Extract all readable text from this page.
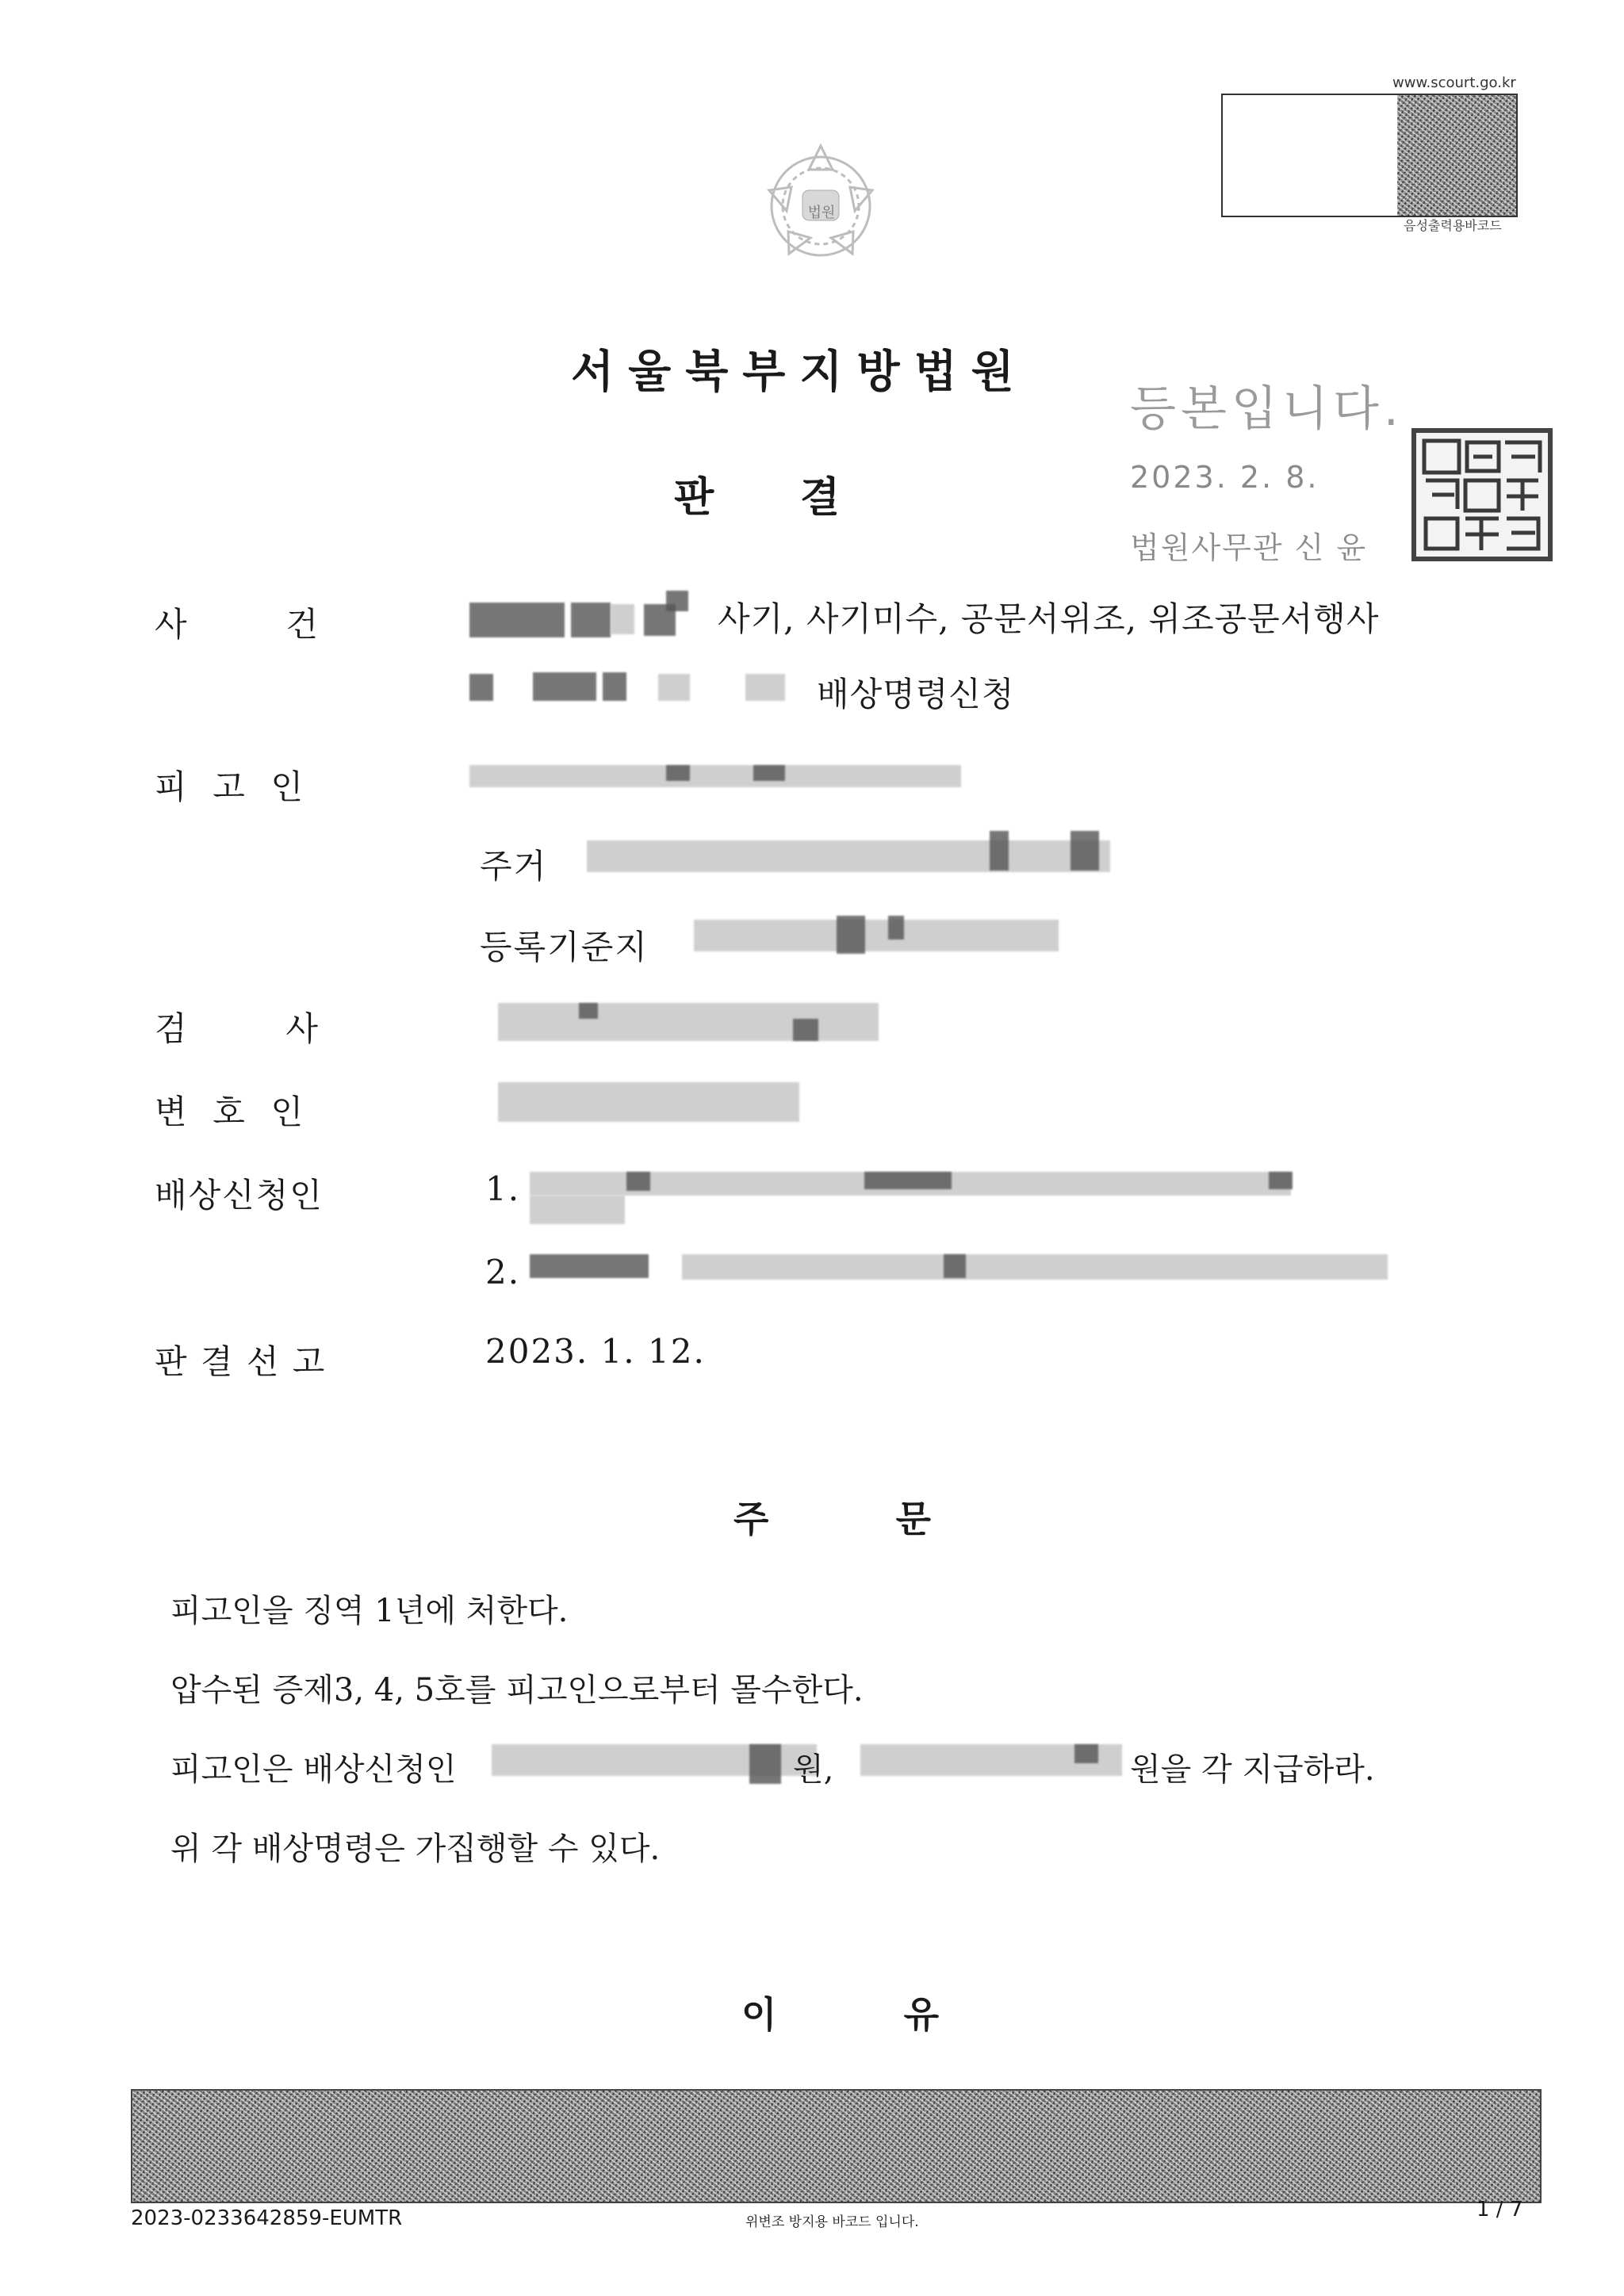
www.scourt.go.kr
음성출력용바코드
법원
서울북부지방법원
등본입니다.
2023. 2. 8.
법원사무관 신 윤
판      결
사        건	사기, 사기미수, 공문서위조, 위조공문서행사
배상명령신청
피  고  인
주거
등록기준지
검        사
변  호  인
배상신청인	1.
2.
판 결 선 고	2023. 1. 12.
주          문
피고인을 징역 1년에 처한다.
압수된 증제3, 4, 5호를 피고인으로부터 몰수한다.
피고인은 배상신청인	원,	원을 각 지급하라.
위 각 배상명령은 가집행할 수 있다.
이          유
2023-0233642859-EUMTR	위변조 방지용 바코드 입니다.
1 / 7
